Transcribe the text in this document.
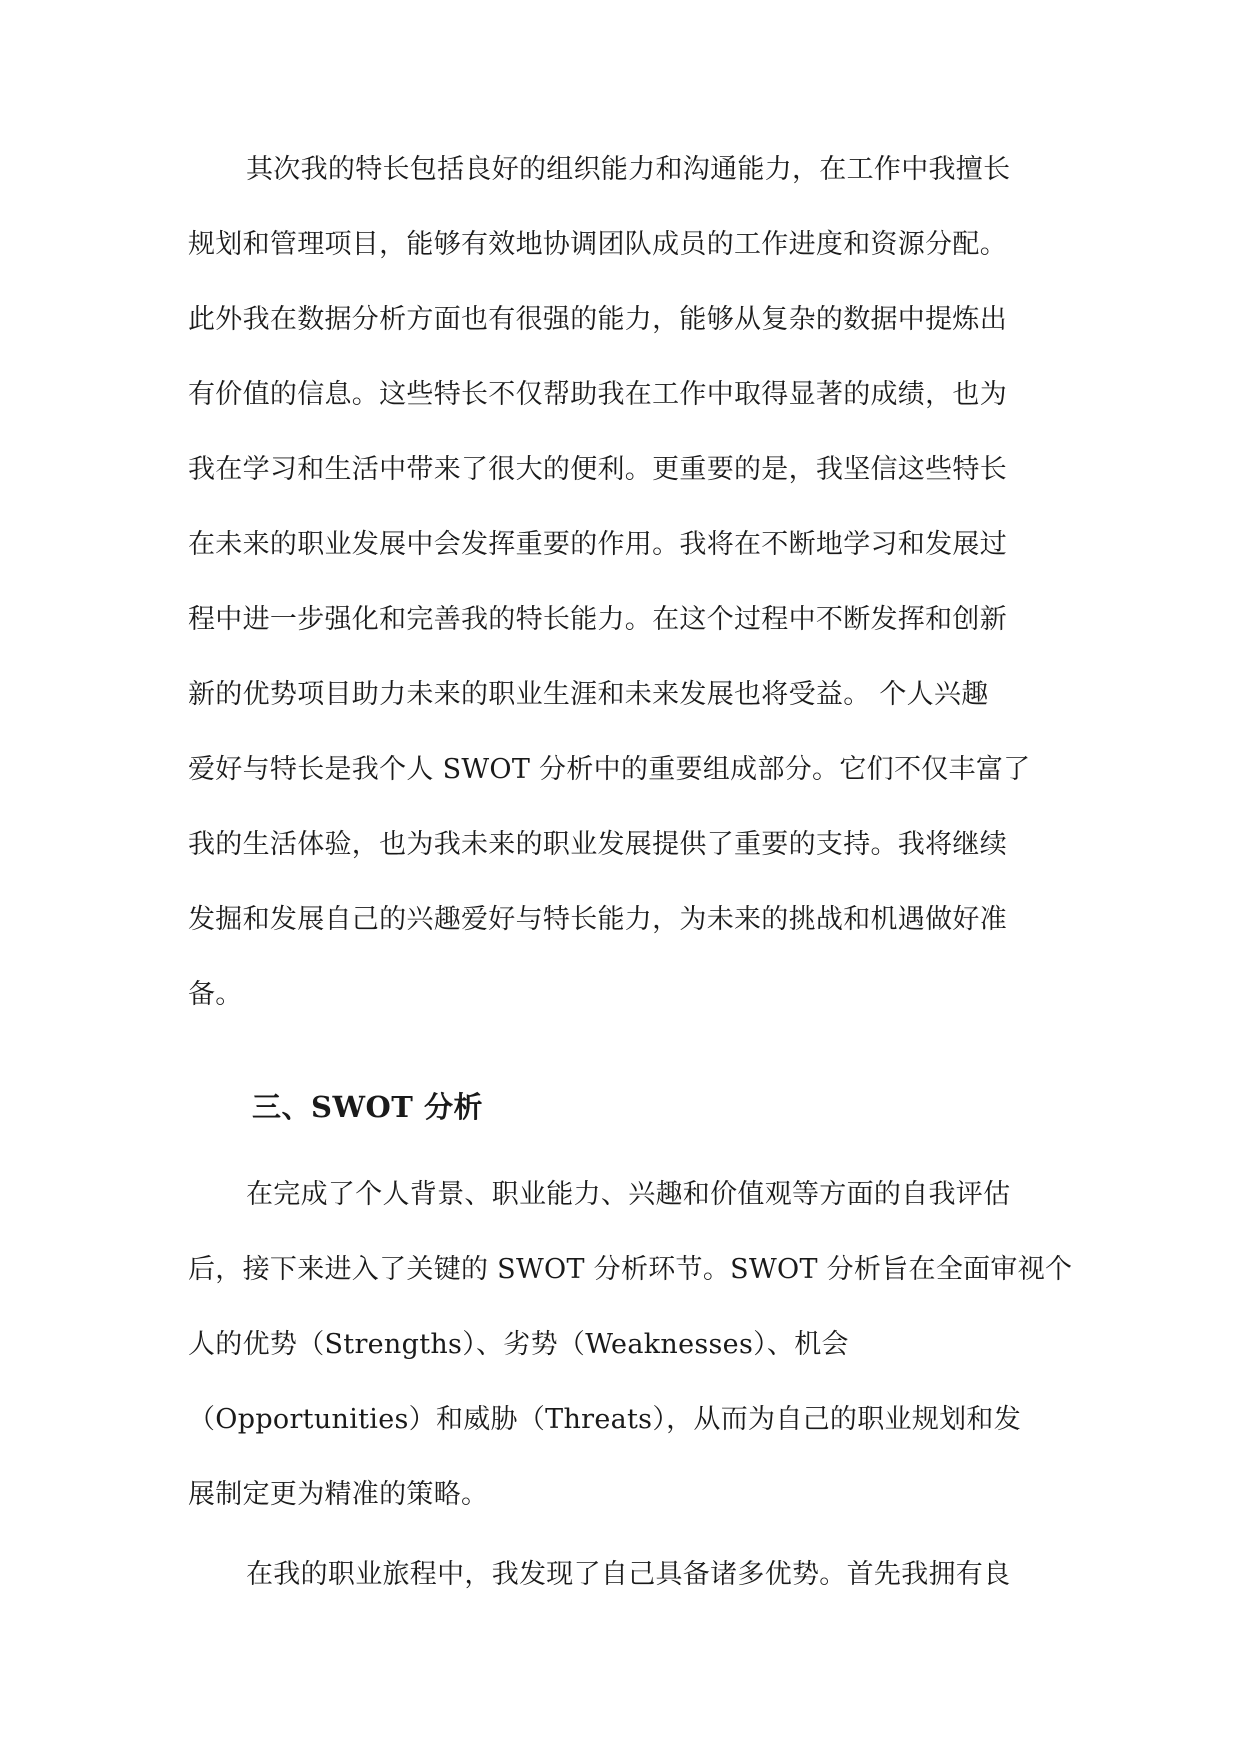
其次我的特长包括良好的组织能力和沟通能力，在工作中我擅长
规划和管理项目，能够有效地协调团队成员的工作进度和资源分配。
此外我在数据分析方面也有很强的能力，能够从复杂的数据中提炼出
有价值的信息。这些特长不仅帮助我在工作中取得显著的成绩，也为
我在学习和生活中带来了很大的便利。更重要的是，我坚信这些特长
在未来的职业发展中会发挥重要的作用。我将在不断地学习和发展过
程中进一步强化和完善我的特长能力。在这个过程中不断发挥和创新
新的优势项目助力未来的职业生涯和未来发展也将受益。 个人兴趣
爱好与特长是我个人 SWOT 分析中的重要组成部分。它们不仅丰富了
我的生活体验，也为我未来的职业发展提供了重要的支持。我将继续
发掘和发展自己的兴趣爱好与特长能力，为未来的挑战和机遇做好准
备。
三、SWOT 分析
在完成了个人背景、职业能力、兴趣和价值观等方面的自我评估
后，接下来进入了关键的 SWOT 分析环节。SWOT 分析旨在全面审视个
人的优势（Strengths）、劣势（Weaknesses）、机会
（Opportunities）和威胁（Threats），从而为自己的职业规划和发
展制定更为精准的策略。
在我的职业旅程中，我发现了自己具备诸多优势。首先我拥有良
